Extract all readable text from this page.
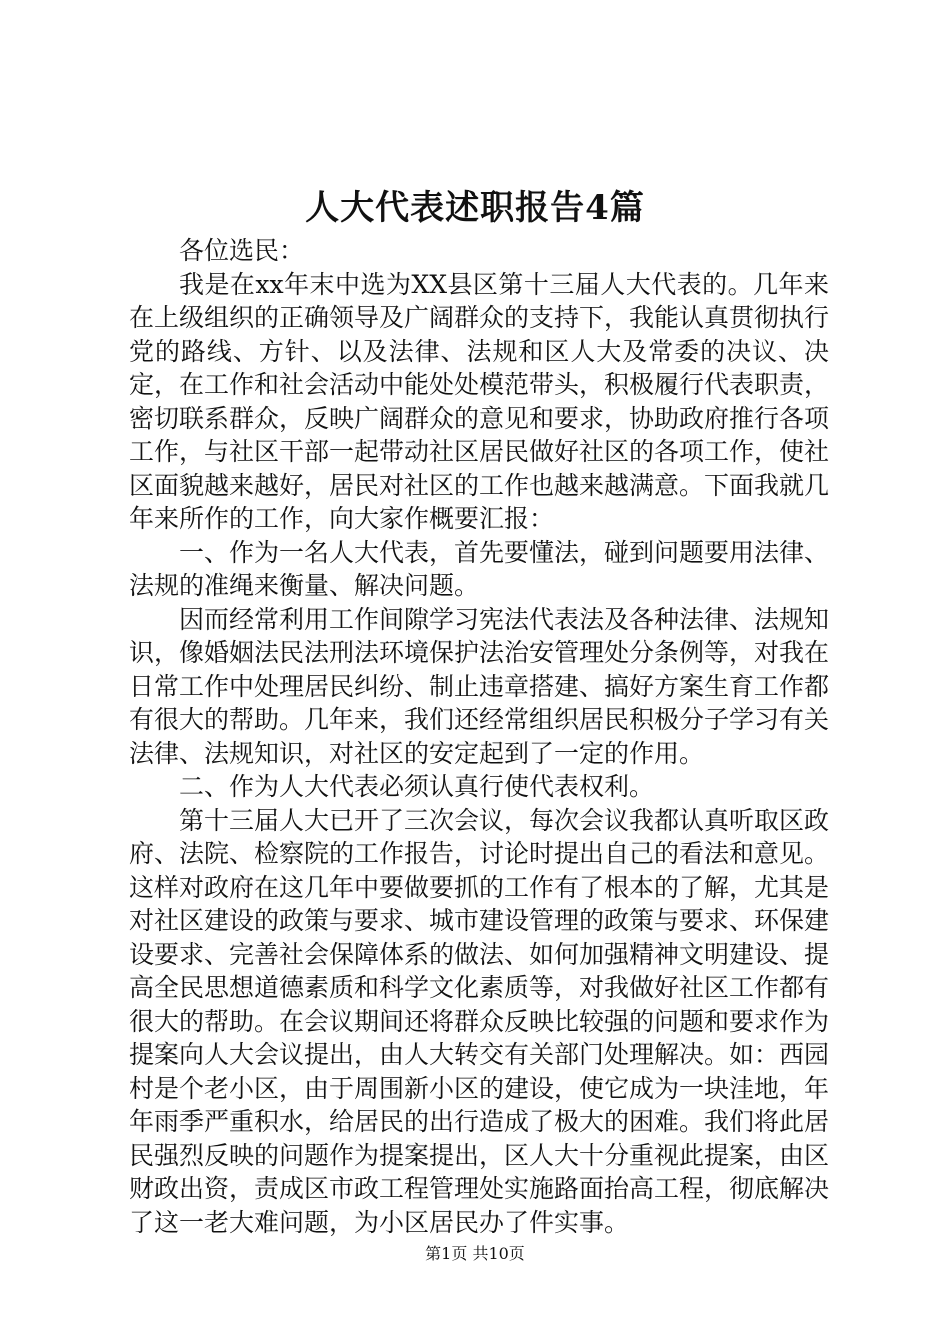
人大代表述职报告4篇

各位选民：

我是在xx年末中选为XX县区第十三届人大代表的。几年来在上级组织的正确领导及广阔群众的支持下，我能认真贯彻执行党的路线、方针、以及法律、法规和区人大及常委的决议、决定，在工作和社会活动中能处处模范带头，积极履行代表职责，密切联系群众，反映广阔群众的意见和要求，协助政府推行各项工作，与社区干部一起带动社区居民做好社区的各项工作，使社区面貌越来越好，居民对社区的工作也越来越满意。下面我就几年来所作的工作，向大家作概要汇报：

一、作为一名人大代表，首先要懂法，碰到问题要用法律、法规的准绳来衡量、解决问题。

因而经常利用工作间隙学习宪法代表法及各种法律、法规知识，像婚姻法民法刑法环境保护法治安管理处分条例等，对我在日常工作中处理居民纠纷、制止违章搭建、搞好方案生育工作都有很大的帮助。几年来，我们还经常组织居民积极分子学习有关法律、法规知识，对社区的安定起到了一定的作用。

二、作为人大代表必须认真行使代表权利。

第十三届人大已开了三次会议，每次会议我都认真听取区政府、法院、检察院的工作报告，讨论时提出自己的看法和意见。这样对政府在这几年中要做要抓的工作有了根本的了解，尤其是对社区建设的政策与要求、城市建设管理的政策与要求、环保建设要求、完善社会保障体系的做法、如何加强精神文明建设、提高全民思想道德素质和科学文化素质等，对我做好社区工作都有很大的帮助。在会议期间还将群众反映比较强的问题和要求作为提案向人大会议提出，由人大转交有关部门处理解决。如：西园村是个老小区，由于周围新小区的建设，使它成为一块洼地，年年雨季严重积水，给居民的出行造成了极大的困难。我们将此居民强烈反映的问题作为提案提出，区人大十分重视此提案，由区财政出资，责成区市政工程管理处实施路面抬高工程，彻底解决了这一老大难问题，为小区居民办了件实事。

第1页 共10页
